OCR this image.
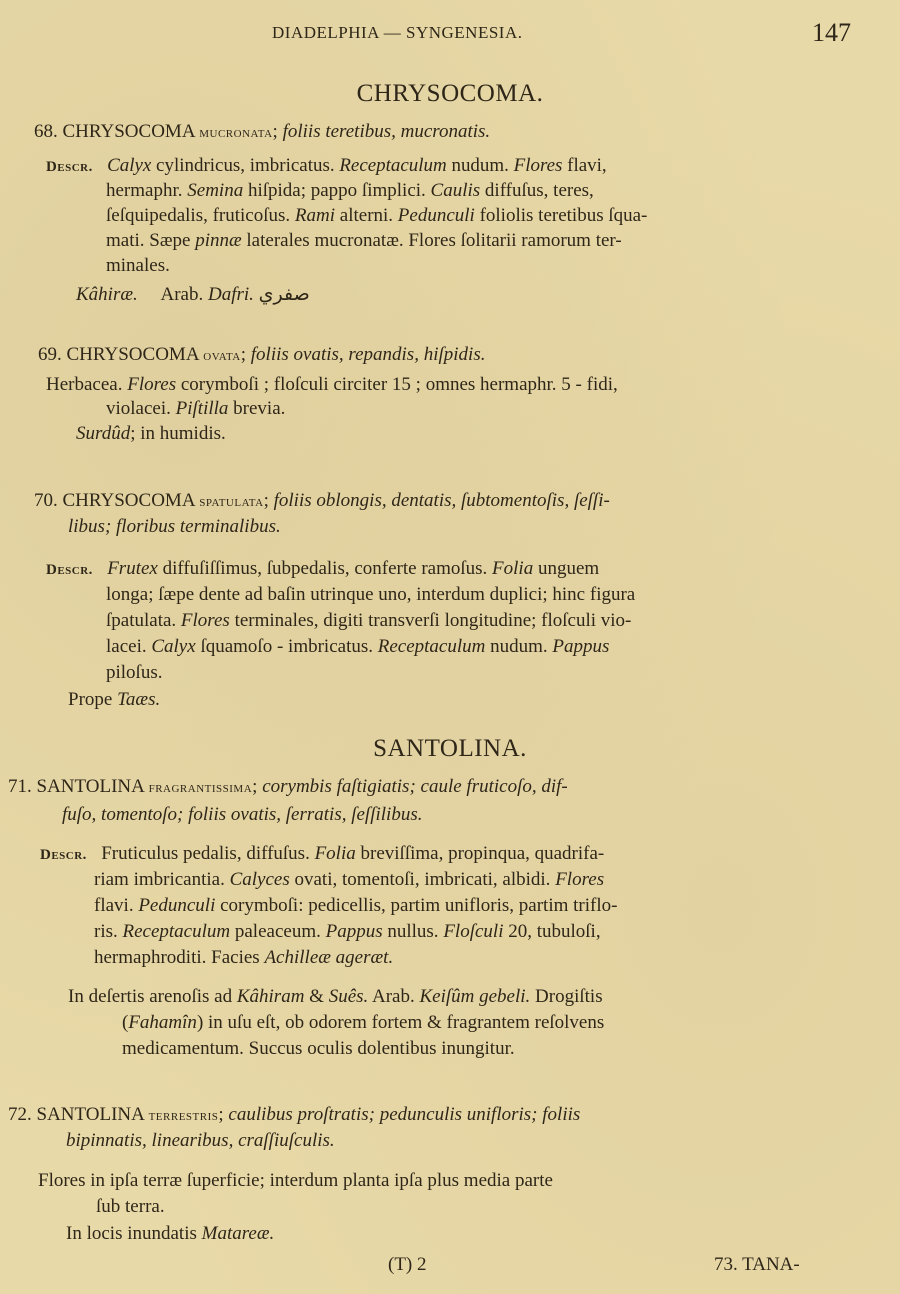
DIADELPHIA — SYNGENESIA.	147
CHRYSOCOMA.
68. CHRYSOCOMA mucronata; foliis teretibus, mucronatis.
Descr. Calyx cylindricus, imbricatus. Receptaculum nudum. Flores flavi,
hermaphr. Semina hiſpida; pappo ſimplici. Caulis diffuſus, teres,
ſeſquipedalis, fruticoſus. Rami alterni. Pedunculi foliolis teretibus ſqua-
mati. Sæpe pinnæ laterales mucronatæ. Flores ſolitarii ramorum ter-
minales.
Kâhiræ. Arab. Dafri. صفري
69. CHRYSOCOMA ovata; foliis ovatis, repandis, hiſpidis.
Herbacea. Flores corymboſi ; floſculi circiter 15 ; omnes hermaphr. 5 - fidi,
violacei. Piſtilla brevia.
Surdûd; in humidis.
70. CHRYSOCOMA spatulata; foliis oblongis, dentatis, ſubtomentoſis, ſeſſi-
libus; floribus terminalibus.
Descr. Frutex diffuſiſſimus, ſubpedalis, conferte ramoſus. Folia unguem
longa; ſæpe dente ad baſin utrinque uno, interdum duplici; hinc figura
ſpatulata. Flores terminales, digiti transverſi longitudine; floſculi vio-
lacei. Calyx ſquamoſo - imbricatus. Receptaculum nudum. Pappus
piloſus.
Prope Taæs.
SANTOLINA.
71. SANTOLINA fragrantissima; corymbis faſtigiatis; caule fruticoſo, dif-
fuſo, tomentoſo; foliis ovatis, ſerratis, ſeſſilibus.
Descr. Fruticulus pedalis, diffuſus. Folia breviſſima, propinqua, quadrifa-
riam imbricantia. Calyces ovati, tomentoſi, imbricati, albidi. Flores
flavi. Pedunculi corymboſi: pedicellis, partim unifloris, partim triflo-
ris. Receptaculum paleaceum. Pappus nullus. Floſculi 20, tubuloſi,
hermaphroditi. Facies Achilleæ ageræt.
In deſertis arenoſis ad Kâhiram & Suês. Arab. Keiſûm gebeli. Drogiſtis
(Fahamîn) in uſu eſt, ob odorem fortem & fragrantem reſolvens
medicamentum. Succus oculis dolentibus inungitur.
72. SANTOLINA terrestris; caulibus proſtratis; pedunculis unifloris; foliis
bipinnatis, linearibus, craſſiuſculis.
Flores in ipſa terræ ſuperficie; interdum planta ipſa plus media parte
ſub terra.
In locis inundatis Matareæ.
(T) 2	73. TANA-
